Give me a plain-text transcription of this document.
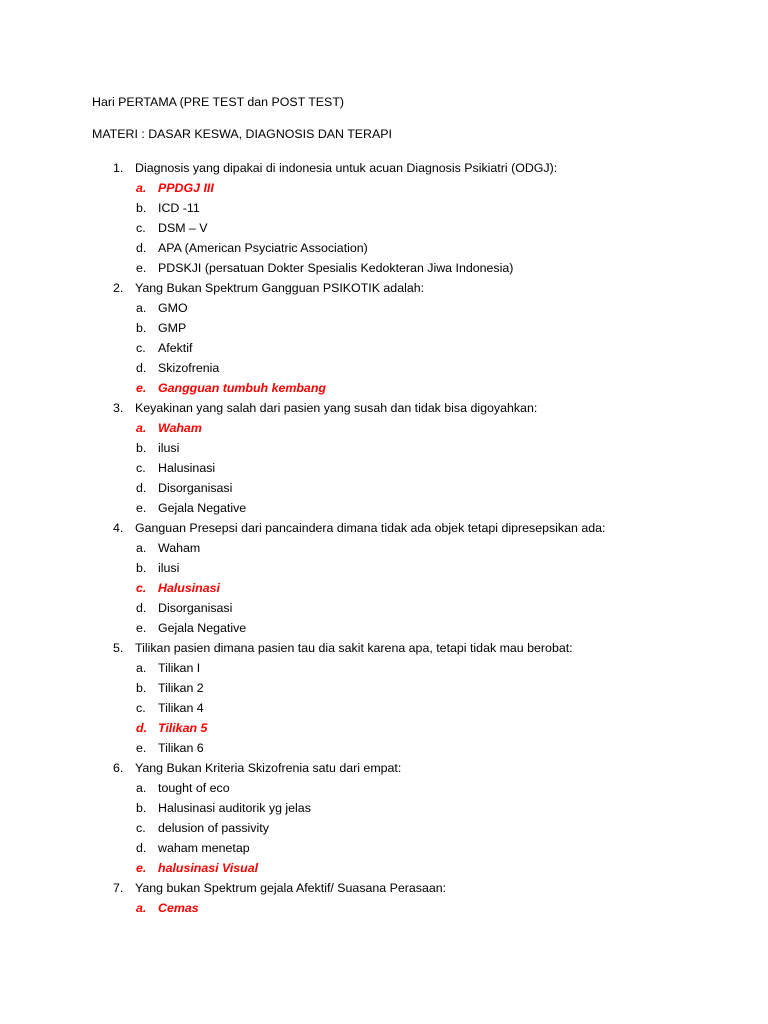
Hari PERTAMA (PRE TEST dan POST TEST)
MATERI : DASAR KESWA, DIAGNOSIS DAN TERAPI
1. Diagnosis yang dipakai di indonesia untuk acuan Diagnosis Psikiatri (ODGJ):
a. PPDGJ III
b. ICD -11
c. DSM – V
d. APA (American Psyciatric Association)
e. PDSKJI (persatuan Dokter Spesialis Kedokteran Jiwa Indonesia)
2. Yang Bukan Spektrum Gangguan PSIKOTIK adalah:
a. GMO
b. GMP
c. Afektif
d. Skizofrenia
e. Gangguan tumbuh kembang
3. Keyakinan yang salah dari pasien yang susah dan tidak bisa digoyahkan:
a. Waham
b. ilusi
c. Halusinasi
d. Disorganisasi
e. Gejala Negative
4. Ganguan Presepsi dari pancaindera dimana tidak ada objek tetapi dipresepsikan ada:
a. Waham
b. ilusi
c. Halusinasi
d. Disorganisasi
e. Gejala Negative
5. Tilikan pasien dimana pasien tau dia sakit karena apa, tetapi tidak mau berobat:
a. Tilikan I
b. Tilikan 2
c. Tilikan 4
d. Tilikan 5
e. Tilikan 6
6. Yang Bukan Kriteria Skizofrenia satu dari empat:
a. tought of eco
b. Halusinasi auditorik yg jelas
c. delusion of passivity
d. waham menetap
e. halusinasi Visual
7. Yang bukan Spektrum gejala Afektif/ Suasana Perasaan:
a. Cemas
